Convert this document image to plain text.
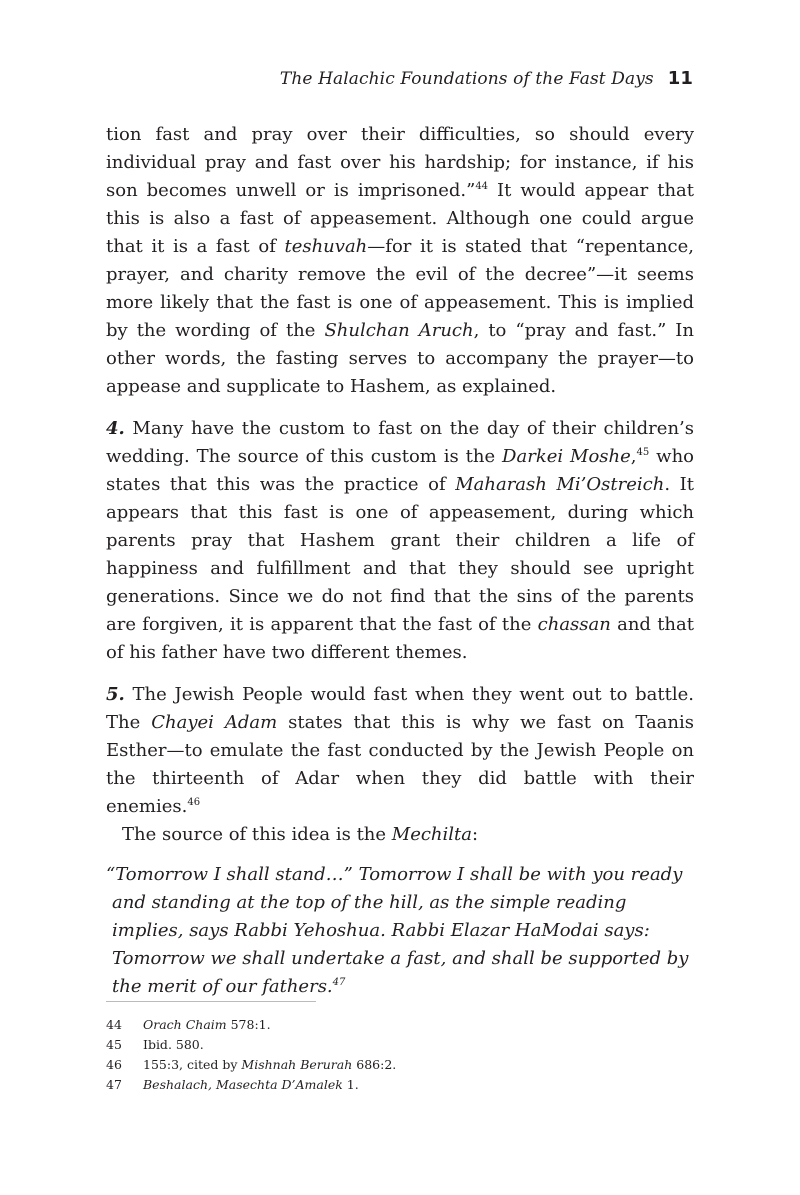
The Halachic Foundations of the Fast Days 11

tion fast and pray over their difficulties, so should every individual pray and fast over his hardship; for instance, if his son becomes unwell or is imprisoned.”$^{44}$ It would appear that this is also a fast of appeasement. Although one could argue that it is a fast of teshuvah—for it is stated that “repentance, prayer, and charity remove the evil of the decree”—it seems more likely that the fast is one of appeasement. This is implied by the wording of the Shulchan Aruch, to “pray and fast.” In other words, the fasting serves to accompany the prayer—to appease and supplicate to Hashem, as explained.

4. Many have the custom to fast on the day of their children’s wedding. The source of this custom is the Darkei Moshe,$^{45}$ who states that this was the practice of Maharash Mi’Ostreich. It appears that this fast is one of appeasement, during which parents pray that Hashem grant their children a life of happiness and fulfillment and that they should see upright generations. Since we do not find that the sins of the parents are forgiven, it is apparent that the fast of the chassan and that of his father have two different themes.

5. The Jewish People would fast when they went out to battle. The Chayei Adam states that this is why we fast on Taanis Esther—to emulate the fast conducted by the Jewish People on the thirteenth of Adar when they did battle with their enemies.$^{46}$

The source of this idea is the Mechilta:

“Tomorrow I shall stand…” Tomorrow I shall be with you ready and standing at the top of the hill, as the simple reading implies, says Rabbi Yehoshua. Rabbi Elazar HaModai says: Tomorrow we shall undertake a fast, and shall be supported by the merit of our fathers.$^{47}$

44 Orach Chaim 578:1.
45 Ibid. 580.
46 155:3, cited by Mishnah Berurah 686:2.
47 Beshalach, Masechta D’Amalek 1.
